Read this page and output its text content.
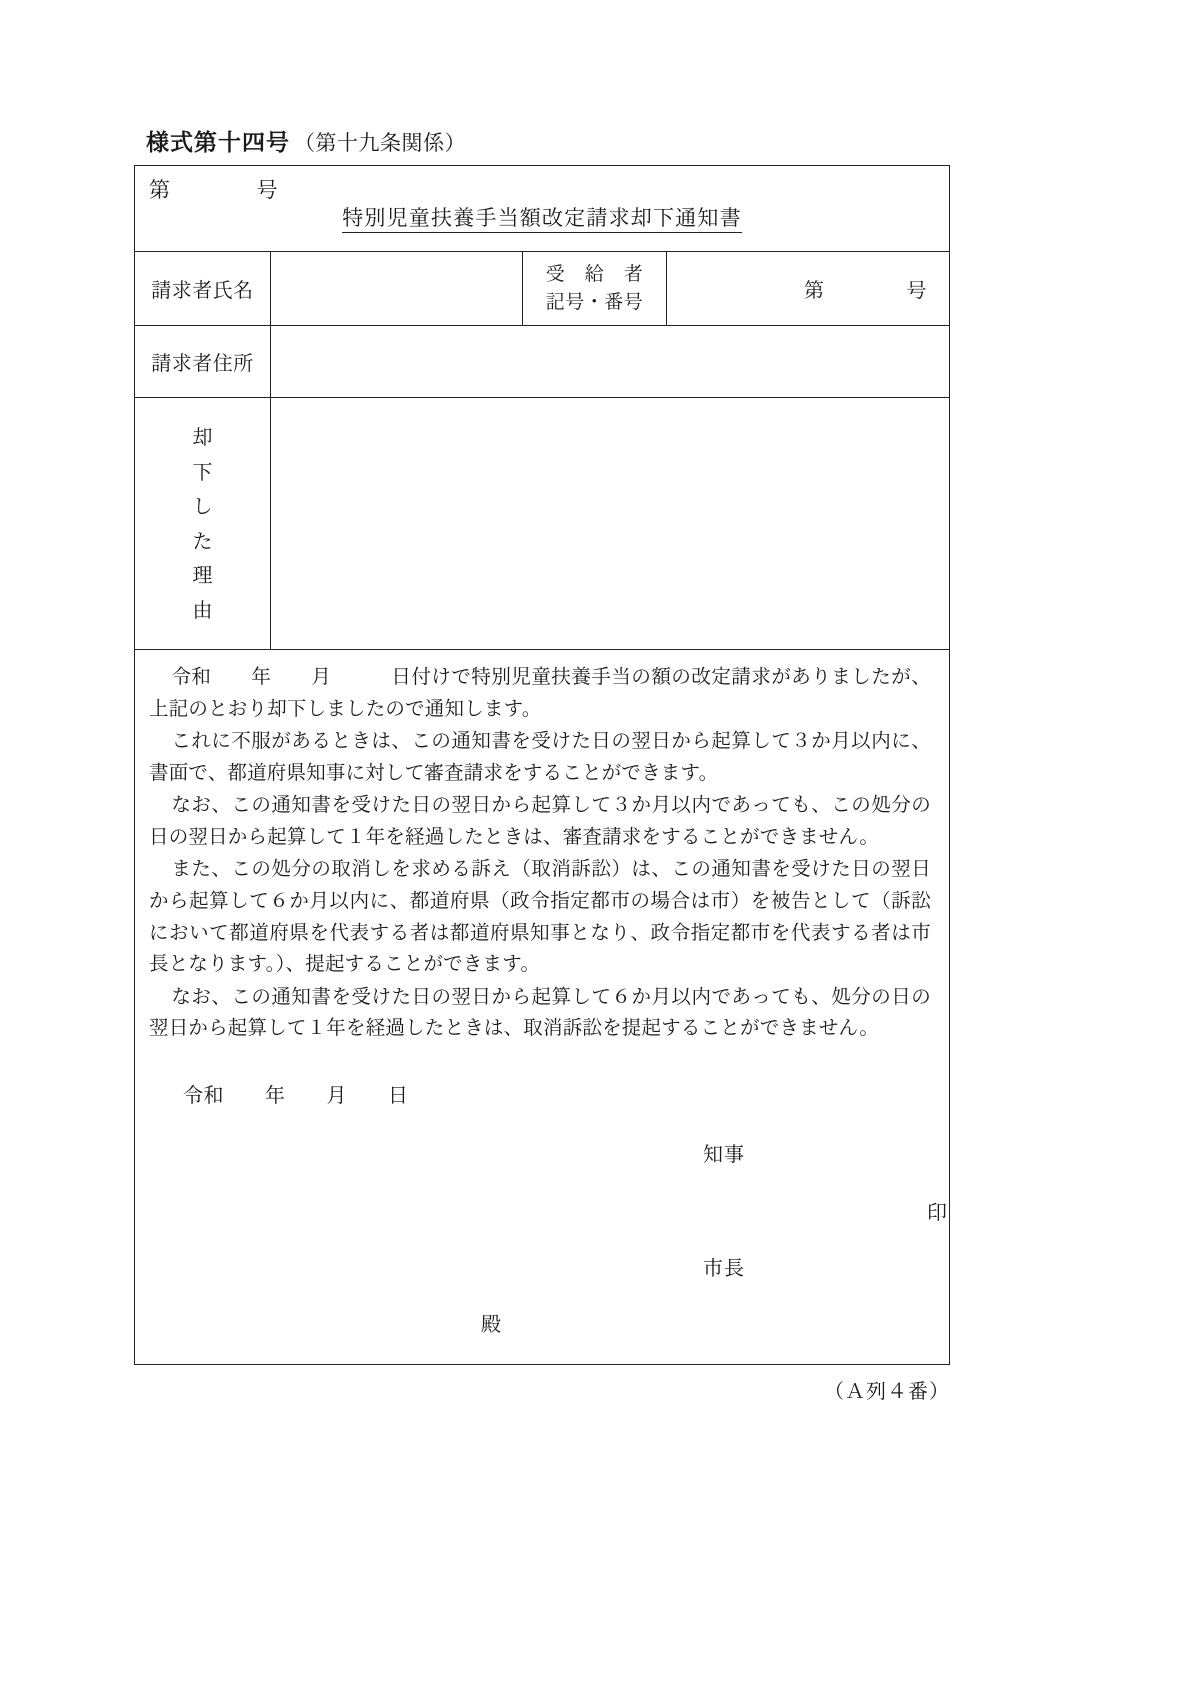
様式第十四号 （第十九条関係）
第　　　　号
特別児童扶養手当額改定請求却下通知書
請求者氏名
受　給　者
記号・番号	第　　　　号
請求者住所
却
下
し
た
理
由

令和　　年　　月　　　日付けで特別児童扶養手当の額の改定請求がありましたが、上記のとおり却下しましたので通知します。

これに不服があるときは、この通知書を受けた日の翌日から起算して３か月以内に、書面で、都道府県知事に対して審査請求をすることができます。

なお、この通知書を受けた日の翌日から起算して３か月以内であっても、この処分の日の翌日から起算して１年を経過したときは、審査請求をすることができません。

また、この処分の取消しを求める訴え（取消訴訟）は、この通知書を受けた日の翌日から起算して６か月以内に、都道府県（政令指定都市の場合は市）を被告として（訴訟において都道府県を代表する者は都道府県知事となり、政令指定都市を代表する者は市長となります。）、提起することができます。

なお、この通知書を受けた日の翌日から起算して６か月以内であっても、処分の日の翌日から起算して１年を経過したときは、取消訴訟を提起することができません。

令和　　年　　月　　日
知事
印
市長
殿
（Ａ列４番）
